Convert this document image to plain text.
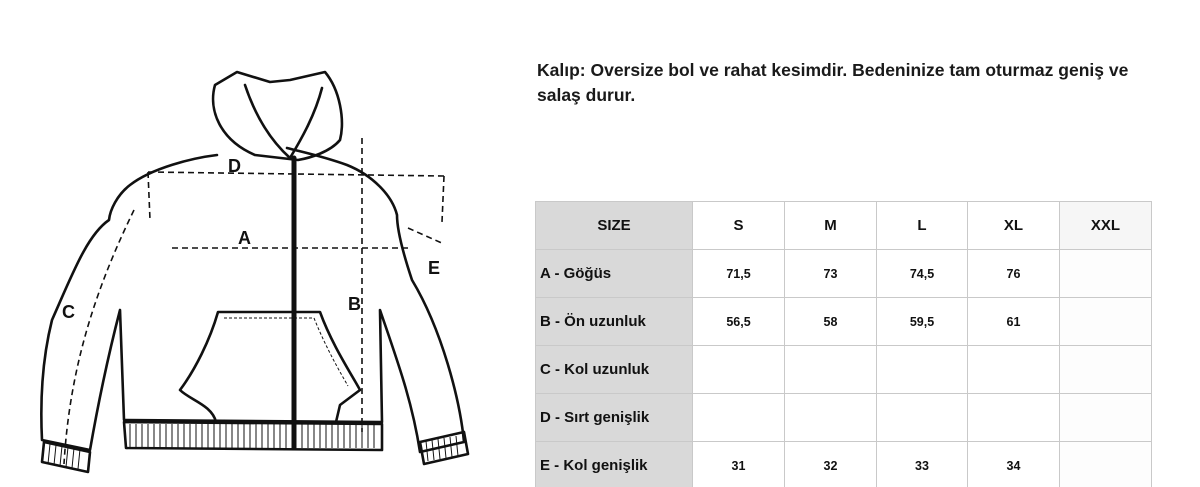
D
A
B
C
E

Kalıp: Oversize bol ve rahat kesimdir. Bedeninize tam oturmaz geniş ve salaş durur.

SIZE	S	M	L	XL	XXL
A - Göğüs	71,5	73	74,5	76	
B - Ön uzunluk	56,5	58	59,5	61	
C - Kol uzunluk					
D - Sırt genişlik					
E - Kol genişlik	31	32	33	34	
